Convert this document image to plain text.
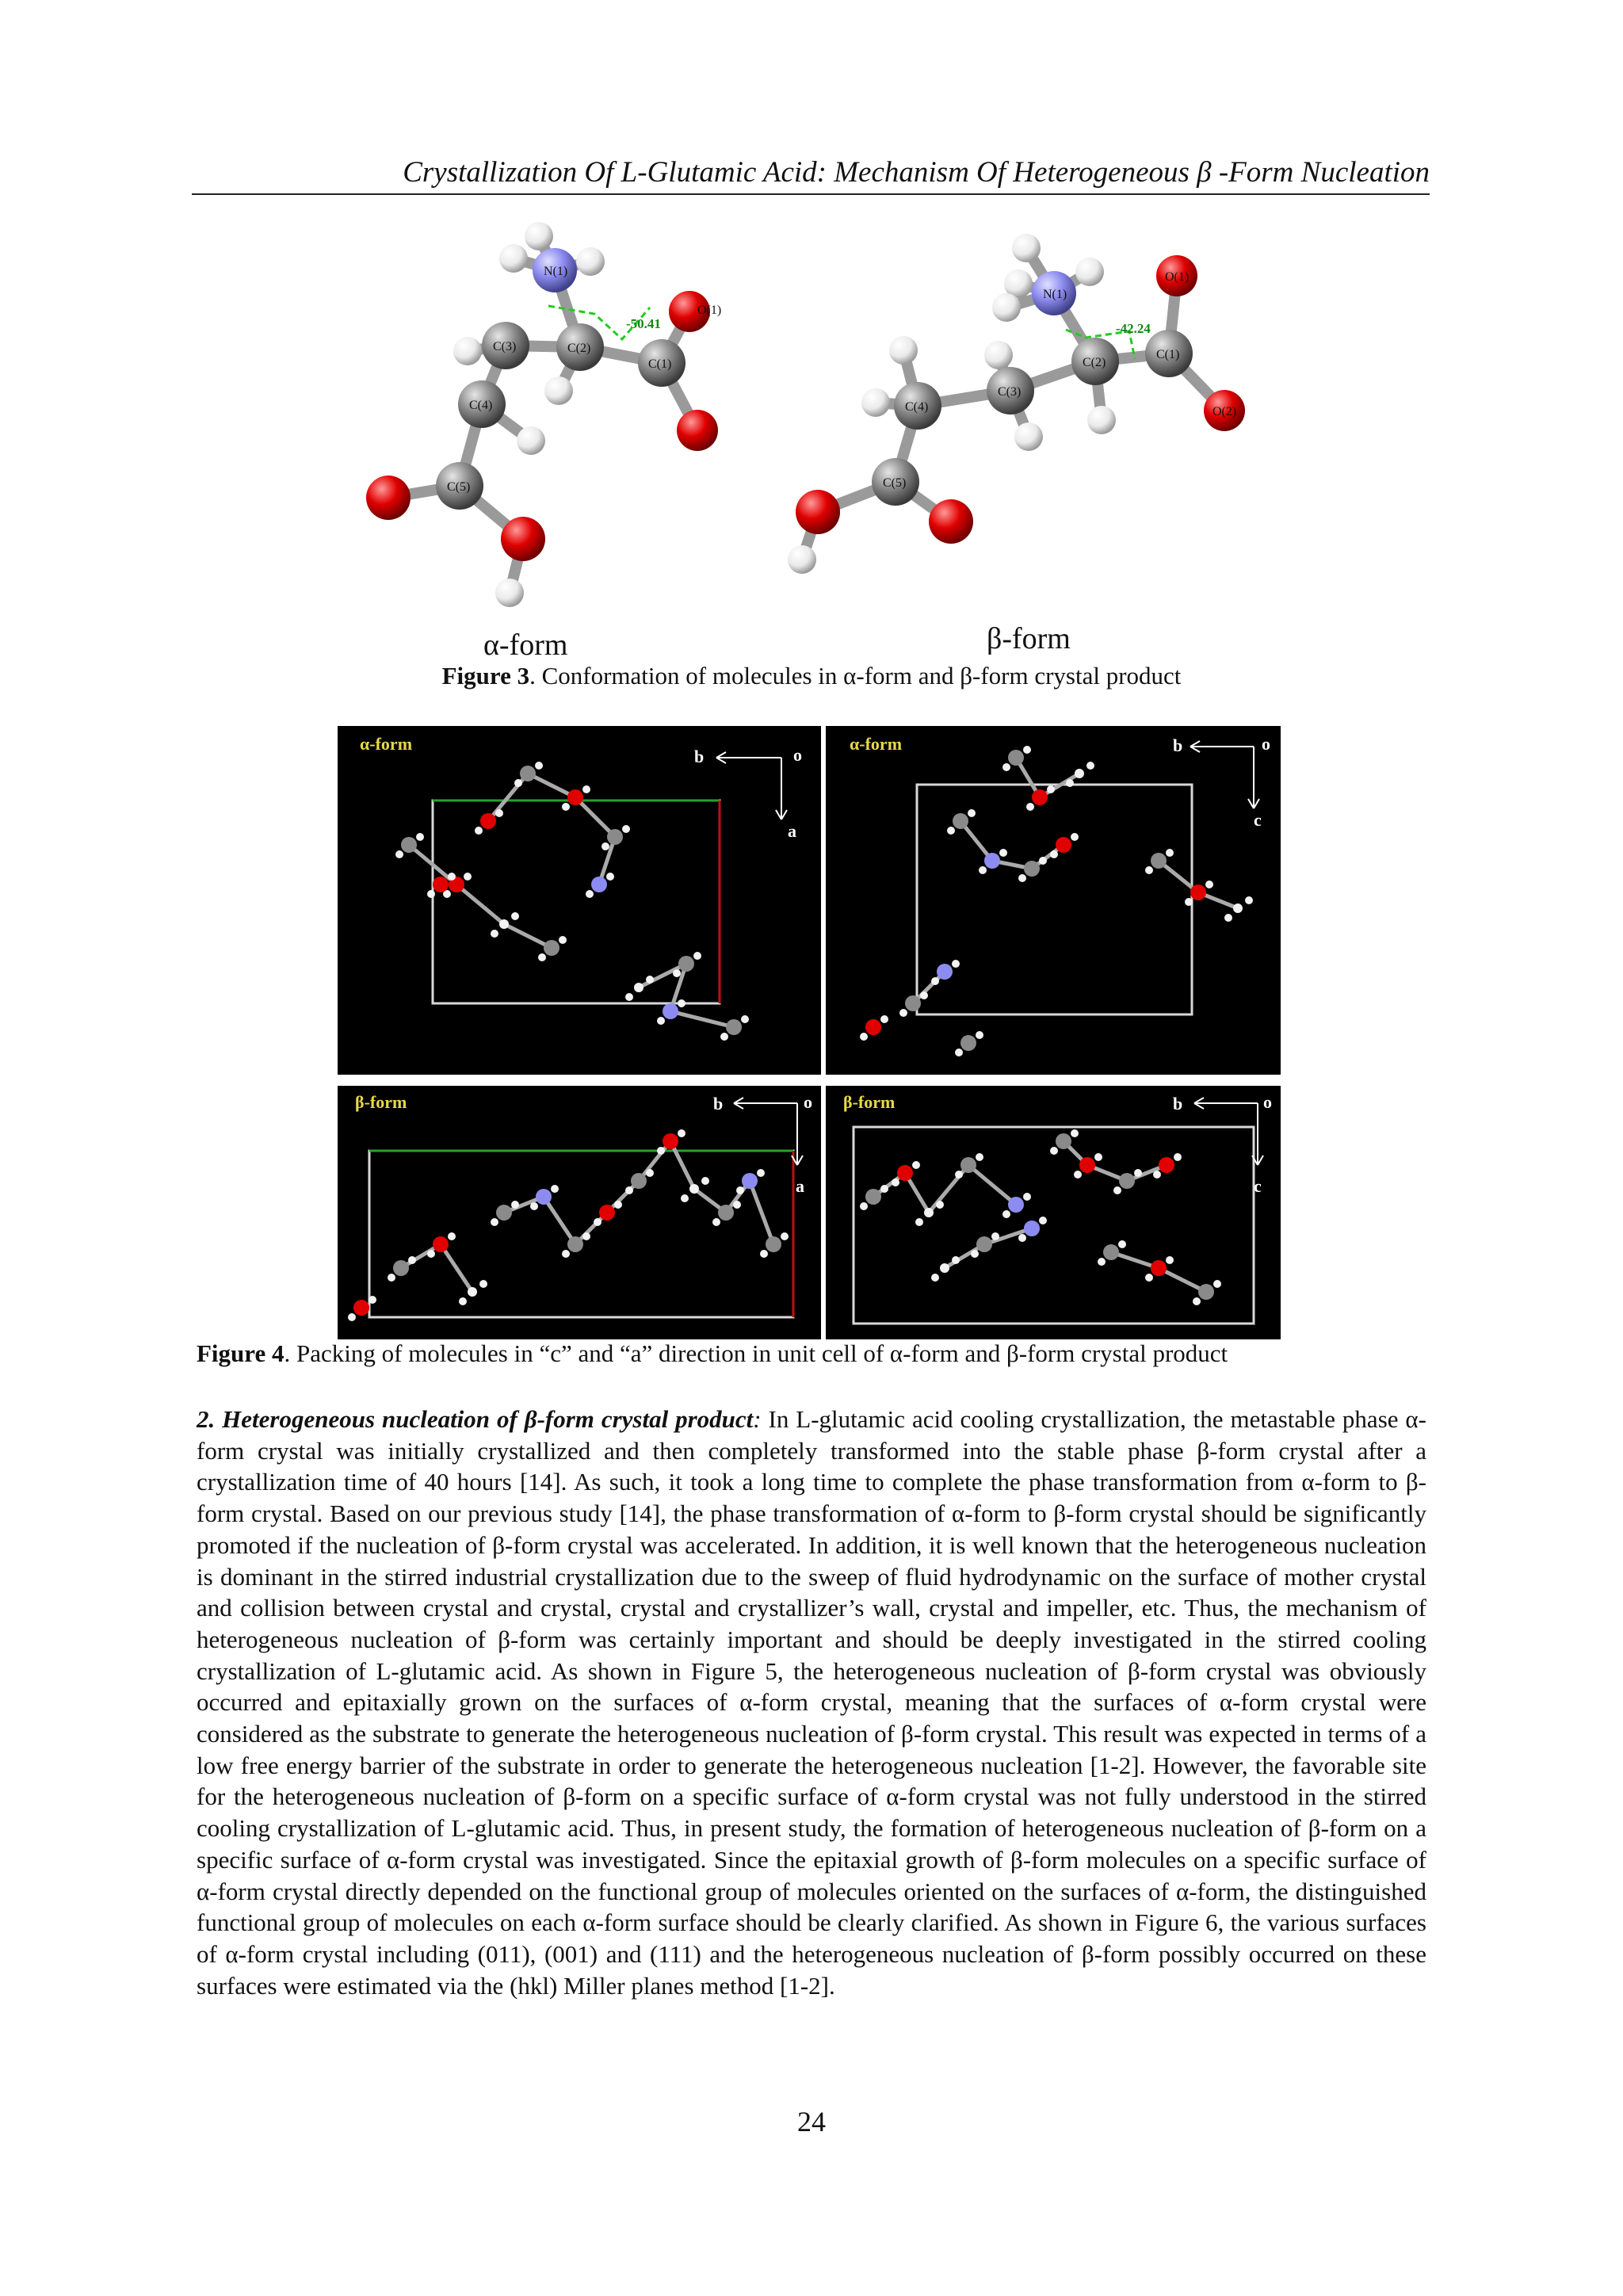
Crystallization Of L-Glutamic Acid: Mechanism Of Heterogeneous β -Form Nucleation
N(1)
O(1)
C(1)
C(2)
C(3)
C(4)
C(5)
-50.41
α-form
N(1)
O(1)
O(2)
C(1)
C(2)
C(3)
C(4)
C(5)
-42.24
β-form
Figure 3. Conformation of molecules in α-form and β-form crystal product
α-form
b	o
a
α-form	b	o
c
β-form	b	o
a
β-form	b	o
c
Figure 4. Packing of molecules in “c” and “a” direction in unit cell of α-form and β-form crystal product
2. Heterogeneous nucleation of β-form crystal product: In L-glutamic acid cooling crystallization, the metastable phase α-form crystal was initially crystallized and then completely transformed into the stable phase β-form crystal after a crystallization time of 40 hours [14]. As such, it took a long time to complete the phase transformation from α-form to β-form crystal. Based on our previous study [14], the phase transformation of α-form to β-form crystal should be significantly promoted if the nucleation of β-form crystal was accelerated. In addition, it is well known that the heterogeneous nucleation is dominant in the stirred industrial crystallization due to the sweep of fluid hydrodynamic on the surface of mother crystal and collision between crystal and crystal, crystal and crystallizer’s wall, crystal and impeller, etc. Thus, the mechanism of heterogeneous nucleation of β-form was certainly important and should be deeply investigated in the stirred cooling crystallization of L-glutamic acid. As shown in Figure 5, the heterogeneous nucleation of β-form crystal was obviously occurred and epitaxially grown on the surfaces of α-form crystal, meaning that the surfaces of α-form crystal were considered as the substrate to generate the heterogeneous nucleation of β-form crystal. This result was expected in terms of a low free energy barrier of the substrate in order to generate the heterogeneous nucleation [1-2]. However, the favorable site for the heterogeneous nucleation of β-form on a specific surface of α-form crystal was not fully understood in the stirred cooling crystallization of L-glutamic acid. Thus, in present study, the formation of heterogeneous nucleation of β-form on a specific surface of α-form crystal was investigated. Since the epitaxial growth of β-form molecules on a specific surface of α-form crystal directly depended on the functional group of molecules oriented on the surfaces of α-form, the distinguished functional group of molecules on each α-form surface should be clearly clarified. As shown in Figure 6, the various surfaces of α-form crystal including (011), (001) and (111) and the heterogeneous nucleation of β-form possibly occurred on these surfaces were estimated via the (hkl) Miller planes method [1-2].
24
